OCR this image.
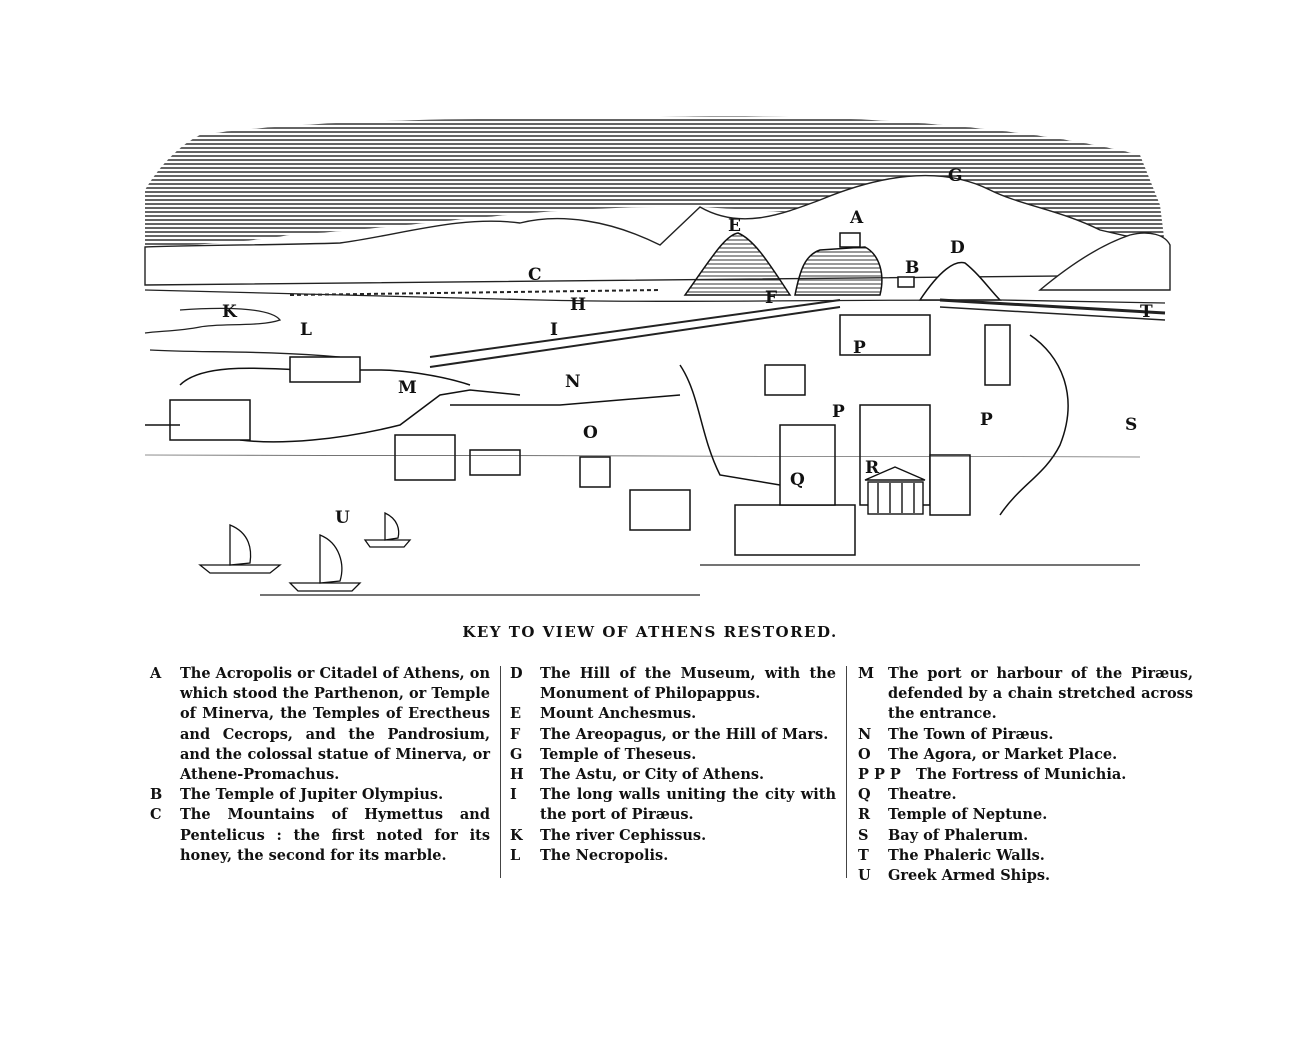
A
B
C
D
E
F
G
H
I
K
L
M	N
O
P
P	P
Q
R
S
T
U
KEY TO VIEW OF ATHENS RESTORED.
A The Acropolis or Citadel of Athens, on which stood the Parthenon, or Temple of Minerva, the Temples of Erectheus and Cecrops, and the Pandrosium, and the colossal statue of Minerva, or Athene-Promachus.
B The Temple of Jupiter Olympius.
C The Mountains of Hymettus and Pentelicus : the first noted for its honey, the second for its marble.
D The Hill of the Museum, with the Monument of Philopappus.
E Mount Anchesmus.
F The Areopagus, or the Hill of Mars.
G Temple of Theseus.
H The Astu, or City of Athens.
I The long walls uniting the city with the port of Piræus.
K The river Cephissus.
L The Necropolis.
M The port or harbour of the Piræus, defended by a chain stretched across the entrance.
N The Town of Piræus.
O The Agora, or Market Place.
P P P The Fortress of Munichia.
Q Theatre.
R Temple of Neptune.
S Bay of Phalerum.
T The Phaleric Walls.
U Greek Armed Ships.
